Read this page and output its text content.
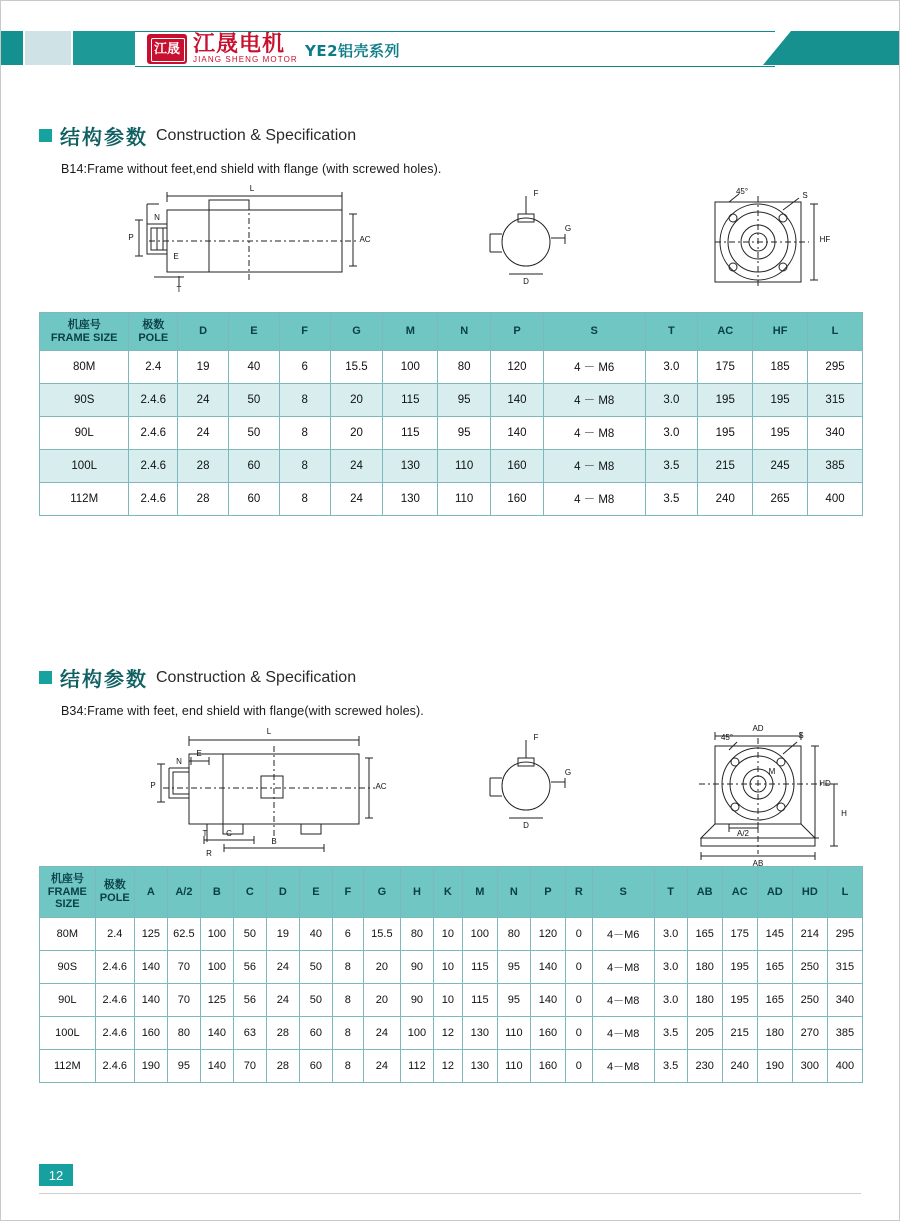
江晟 江晟电机
JIANG SHENG MOTOR YE2铝壳系列
结构参数 Construction & Specification
B14:Frame without feet,end shield with flange (with screwed holes).
L
P
N
E
T
AC
F
G
D
45°	S
HF
机座号
FRAME SIZE	极数
POLE	D	E	F	G	M	N	P	S	T	AC	HF	L
80M	2.4	19	40	6	15.5	100	80	120	4 － M6	3.0	175	185	295
90S	2.4.6	24	50	8	20	115	95	140	4 － M8	3.0	195	195	315
90L	2.4.6	24	50	8	20	115	95	140	4 － M8	3.0	195	195	340
100L	2.4.6	28	60	8	24	130	110	160	4 － M8	3.5	215	245	385
112M	2.4.6	28	60	8	24	130	110	160	4 － M8	3.5	240	265	400
结构参数 Construction & Specification
B34:Frame with feet, end shield with flange(with screwed holes).
L
P
N
E
T C
B
R
AC
F
G
D
AD
45°	S
M
HD
H
A/2
AB
机座号
FRAME SIZE	极数
POLE	A	A/2	B	C	D	E	F	G	H	K	M	N	P	R	S	T	AB	AC	AD	HD	L
80M	2.4	125	62.5	100	50	19	40	6	15.5	80	10	100	80	120	0	4－M6	3.0	165	175	145	214	295
90S	2.4.6	140	70	100	56	24	50	8	20	90	10	115	95	140	0	4－M8	3.0	180	195	165	250	315
90L	2.4.6	140	70	125	56	24	50	8	20	90	10	115	95	140	0	4－M8	3.0	180	195	165	250	340
100L	2.4.6	160	80	140	63	28	60	8	24	100	12	130	110	160	0	4－M8	3.5	205	215	180	270	385
112M	2.4.6	190	95	140	70	28	60	8	24	112	12	130	110	160	0	4－M8	3.5	230	240	190	300	400
12
